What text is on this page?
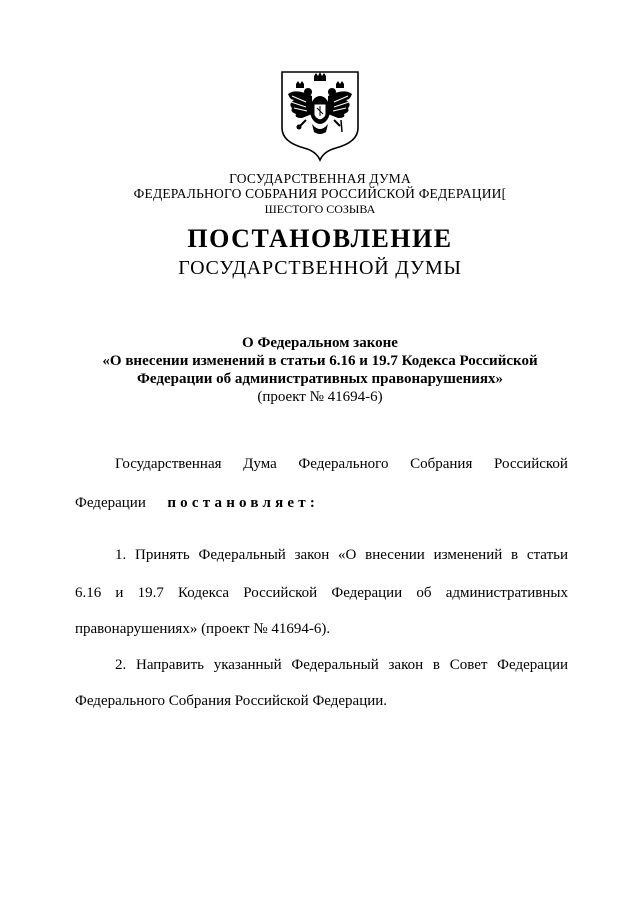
ГОСУДАРСТВЕННАЯ ДУМА
ФЕДЕРАЛЬНОГО СОБРАНИЯ РОССИЙСКОЙ ФЕДЕРАЦИИ[
ШЕСТОГО СОЗЫВА
ПОСТАНОВЛЕНИЕ
ГОСУДАРСТВЕННОЙ ДУМЫ
О Федеральном законе
«О внесении изменений в статьи 6.16 и 19.7 Кодекса Российской
Федерации об административных правонарушениях»
(проект № 41694-6)
Государственная Дума Федерального Собрания Российской
Федерации постановляет:
1. Принять Федеральный закон «О внесении изменений в статьи
6.16 и 19.7 Кодекса Российской Федерации об административных
правонарушениях» (проект № 41694-6).
2. Направить указанный Федеральный закон в Совет Федерации
Федерального Собрания Российской Федерации.
